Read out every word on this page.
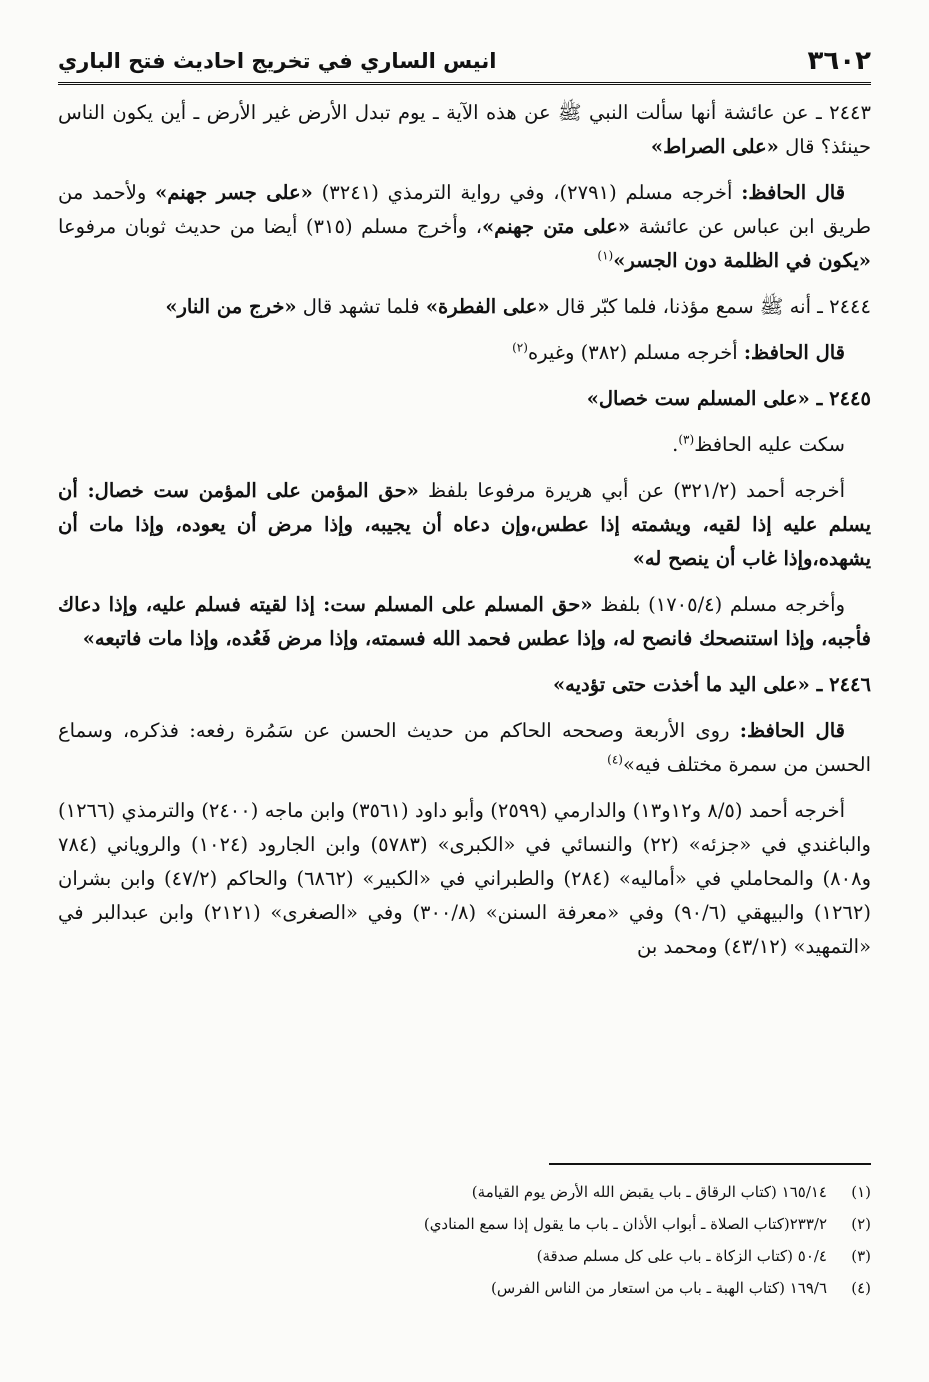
٣٦٠٢
انيس الساري في تخريج احاديث فتح الباري

٢٤٤٣ ـ عن عائشة أنها سألت النبي ﷺ عن هذه الآية ـ يوم تبدل الأرض غير الأرض ـ أين يكون الناس حينئذ؟ قال «على الصراط»

قال الحافظ: أخرجه مسلم (٢٧٩١)، وفي رواية الترمذي (٣٢٤١) «على جسر جهنم» ولأحمد من طريق ابن عباس عن عائشة «على متن جهنم»، وأخرج مسلم (٣١٥) أيضا من حديث ثوبان مرفوعا «يكون في الظلمة دون الجسر»$^{(١)}$

٢٤٤٤ ـ أنه ﷺ سمع مؤذنا، فلما كبّر قال «على الفطرة» فلما تشهد قال «خرج من النار»

قال الحافظ: أخرجه مسلم (٣٨٢) وغيره$^{(٢)}$

٢٤٤٥ ـ «على المسلم ست خصال»

سكت عليه الحافظ$^{(٣)}$.

أخرجه أحمد (٣٢١/٢) عن أبي هريرة مرفوعا بلفظ «حق المؤمن على المؤمن ست خصال: أن يسلم عليه إذا لقيه، ويشمته إذا عطس،وإن دعاه أن يجيبه، وإذا مرض أن يعوده، وإذا مات أن يشهده،وإذا غاب أن ينصح له»

وأخرجه مسلم (١٧٠٥/٤) بلفظ «حق المسلم على المسلم ست: إذا لقيته فسلم عليه، وإذا دعاك فأجبه، وإذا استنصحك فانصح له، وإذا عطس فحمد الله فسمته، وإذا مرض فَعُده، وإذا مات فاتبعه»

٢٤٤٦ ـ «على اليد ما أخذت حتى تؤديه»

قال الحافظ: روى الأربعة وصححه الحاكم من حديث الحسن عن سَمُرة رفعه: فذكره، وسماع الحسن من سمرة مختلف فيه»$^{(٤)}$

أخرجه أحمد (٨/٥ و١٢و١٣) والدارمي (٢٥٩٩) وأبو داود (٣٥٦١) وابن ماجه (٢٤٠٠) والترمذي (١٢٦٦) والباغندي في «جزئه» (٢٢) والنسائي في «الكبرى» (٥٧٨٣) وابن الجارود (١٠٢٤) والروياني (٧٨٤ و٨٠٨) والمحاملي في «أماليه» (٢٨٤) والطبراني في «الكبير» (٦٨٦٢) والحاكم (٤٧/٢) وابن بشران (١٢٦٢) والبيهقي (٩٠/٦) وفي «معرفة السنن» (٣٠٠/٨) وفي «الصغرى» (٢١٢١) وابن عبدالبر في «التمهيد» (٤٣/١٢) ومحمد بن

(١)
١٦٥/١٤ (كتاب الرقاق ـ باب يقبض الله الأرض يوم القيامة)
(٢)
٢٣٣/٢(كتاب الصلاة ـ أبواب الأذان ـ باب ما يقول إذا سمع المنادي)
(٣)
٥٠/٤ (كتاب الزكاة ـ باب على كل مسلم صدقة)
(٤)
١٦٩/٦ (كتاب الهبة ـ باب من استعار من الناس الفرس)
